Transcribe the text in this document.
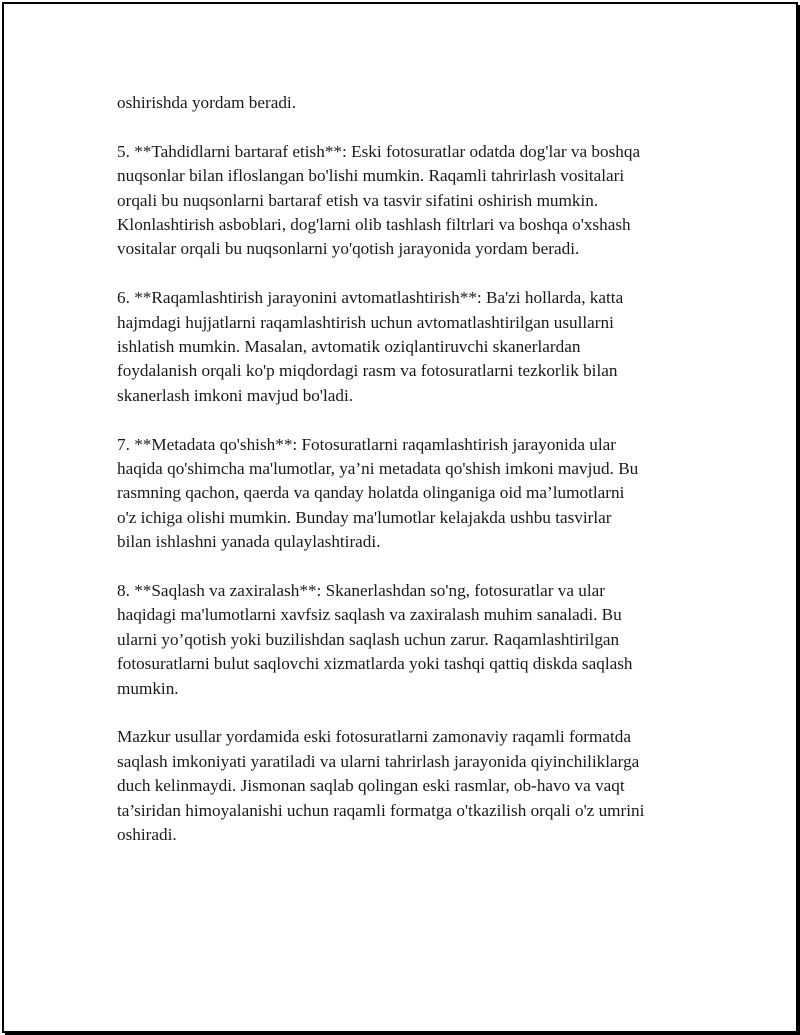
oshirishda yordam beradi.

5. **Tahdidlarni bartaraf etish**: Eski fotosuratlar odatda dog'lar va boshqa
nuqsonlar bilan ifloslangan bo'lishi mumkin. Raqamli tahrirlash vositalari
orqali bu nuqsonlarni bartaraf etish va tasvir sifatini oshirish mumkin.
Klonlashtirish asboblari, dog'larni olib tashlash filtrlari va boshqa o'xshash
vositalar orqali bu nuqsonlarni yo'qotish jarayonida yordam beradi.

6. **Raqamlashtirish jarayonini avtomatlashtirish**: Ba'zi hollarda, katta
hajmdagi hujjatlarni raqamlashtirish uchun avtomatlashtirilgan usullarni
ishlatish mumkin. Masalan, avtomatik oziqlantiruvchi skanerlardan
foydalanish orqali ko'p miqdordagi rasm va fotosuratlarni tezkorlik bilan
skanerlash imkoni mavjud bo'ladi.

7. **Metadata qo'shish**: Fotosuratlarni raqamlashtirish jarayonida ular
haqida qo'shimcha ma'lumotlar, ya’ni metadata qo'shish imkoni mavjud. Bu
rasmning qachon, qaerda va qanday holatda olinganiga oid ma’lumotlarni
o'z ichiga olishi mumkin. Bunday ma'lumotlar kelajakda ushbu tasvirlar
bilan ishlashni yanada qulaylashtiradi.

8. **Saqlash va zaxiralash**: Skanerlashdan so'ng, fotosuratlar va ular
haqidagi ma'lumotlarni xavfsiz saqlash va zaxiralash muhim sanaladi. Bu
ularni yo’qotish yoki buzilishdan saqlash uchun zarur. Raqamlashtirilgan
fotosuratlarni bulut saqlovchi xizmatlarda yoki tashqi qattiq diskda saqlash
mumkin.

Mazkur usullar yordamida eski fotosuratlarni zamonaviy raqamli formatda
saqlash imkoniyati yaratiladi va ularni tahrirlash jarayonida qiyinchiliklarga
duch kelinmaydi. Jismonan saqlab qolingan eski rasmlar, ob-havo va vaqt
ta’siridan himoyalanishi uchun raqamli formatga o'tkazilish orqali o'z umrini
oshiradi.
